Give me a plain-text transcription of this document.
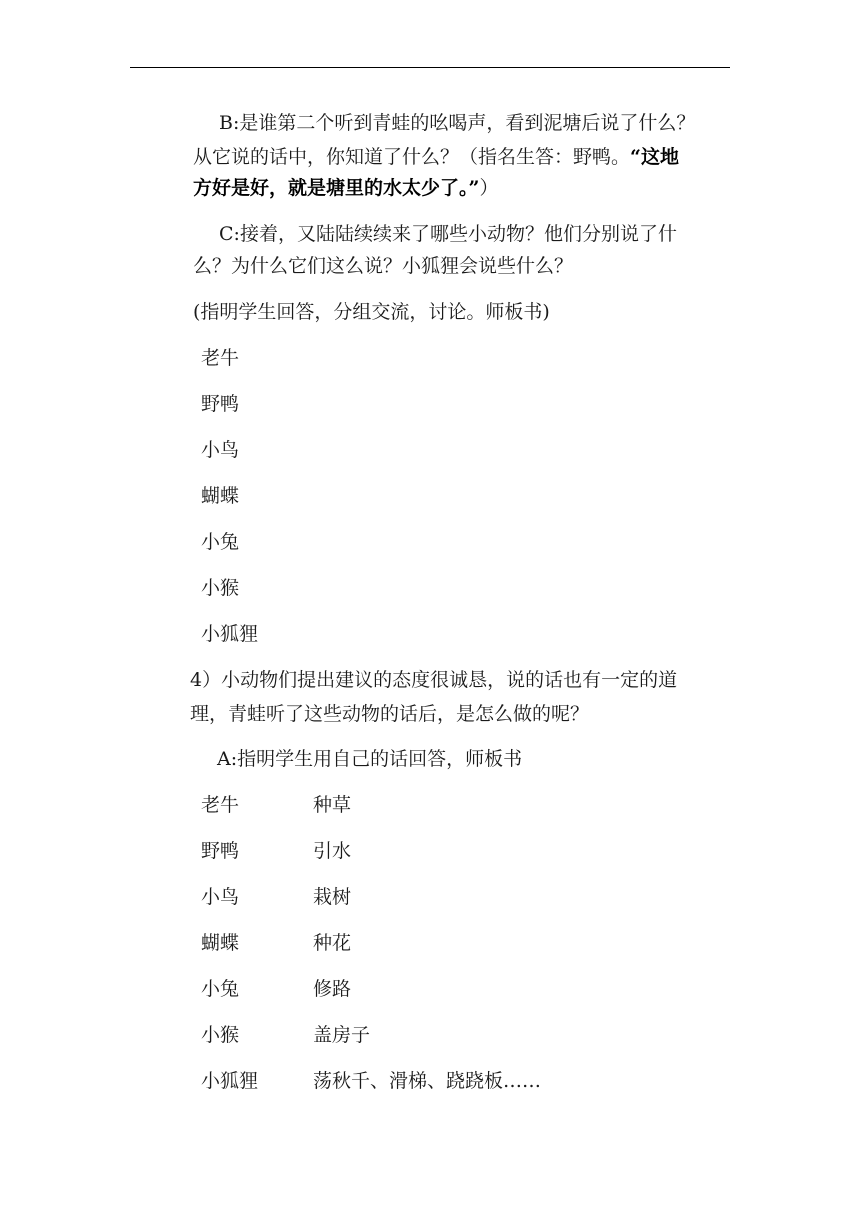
B:是谁第二个听到青蛙的吆喝声，看到泥塘后说了什么？
从它说的话中，你知道了什么？（指名生答：野鸭。“这地
方好是好，就是塘里的水太少了。”）
C:接着，又陆陆续续来了哪些小动物？他们分别说了什
么？为什么它们这么说？小狐狸会说些什么？
(指明学生回答，分组交流，讨论。师板书)
老牛
野鸭
小鸟
蝴蝶
小兔
小猴
小狐狸
4）小动物们提出建议的态度很诚恳，说的话也有一定的道
理，青蛙听了这些动物的话后，是怎么做的呢？
A:指明学生用自己的话回答，师板书
老牛	种草
野鸭	引水
小鸟	栽树
蝴蝶	种花
小兔	修路
小猴	盖房子
小狐狸	荡秋千、滑梯、跷跷板……
